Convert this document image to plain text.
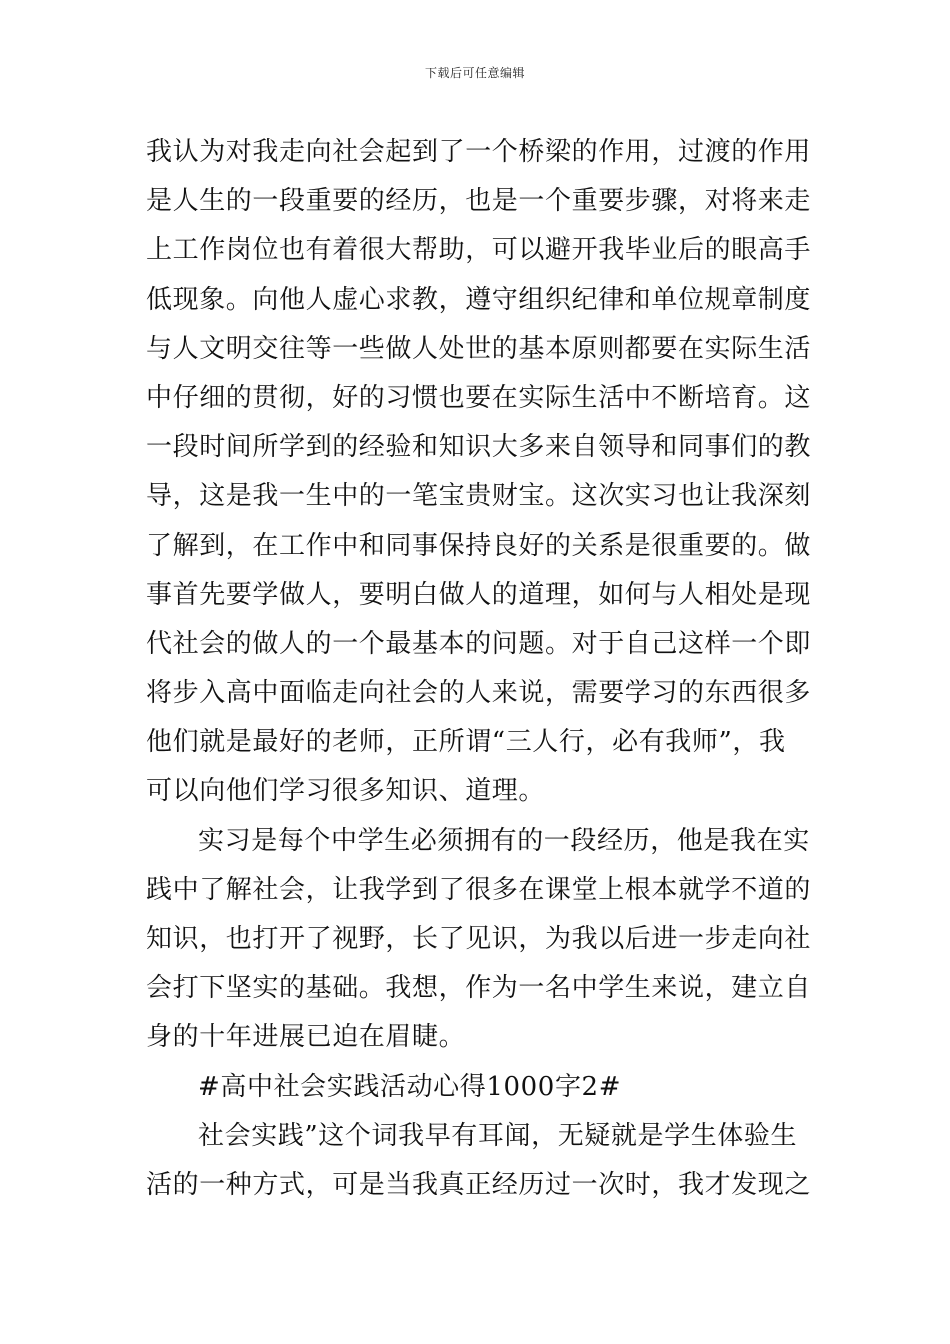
下载后可任意编辑
我认为对我走向社会起到了一个桥梁的作用，过渡的作用
是人生的一段重要的经历，也是一个重要步骤，对将来走
上工作岗位也有着很大帮助，可以避开我毕业后的眼高手
低现象。向他人虚心求教，遵守组织纪律和单位规章制度
与人文明交往等一些做人处世的基本原则都要在实际生活
中仔细的贯彻，好的习惯也要在实际生活中不断培育。这
一段时间所学到的经验和知识大多来自领导和同事们的教
导，这是我一生中的一笔宝贵财宝。这次实习也让我深刻
了解到，在工作中和同事保持良好的关系是很重要的。做
事首先要学做人，要明白做人的道理，如何与人相处是现
代社会的做人的一个最基本的问题。对于自己这样一个即
将步入高中面临走向社会的人来说，需要学习的东西很多
他们就是最好的老师，正所谓“三人行，必有我师”，我
可以向他们学习很多知识、道理。
实习是每个中学生必须拥有的一段经历，他是我在实
践中了解社会，让我学到了很多在课堂上根本就学不道的
知识，也打开了视野，长了见识，为我以后进一步走向社
会打下坚实的基础。我想，作为一名中学生来说，建立自
身的十年进展已迫在眉睫。
#高中社会实践活动心得1000字2#
社会实践”这个词我早有耳闻，无疑就是学生体验生
活的一种方式，可是当我真正经历过一次时，我才发现之
